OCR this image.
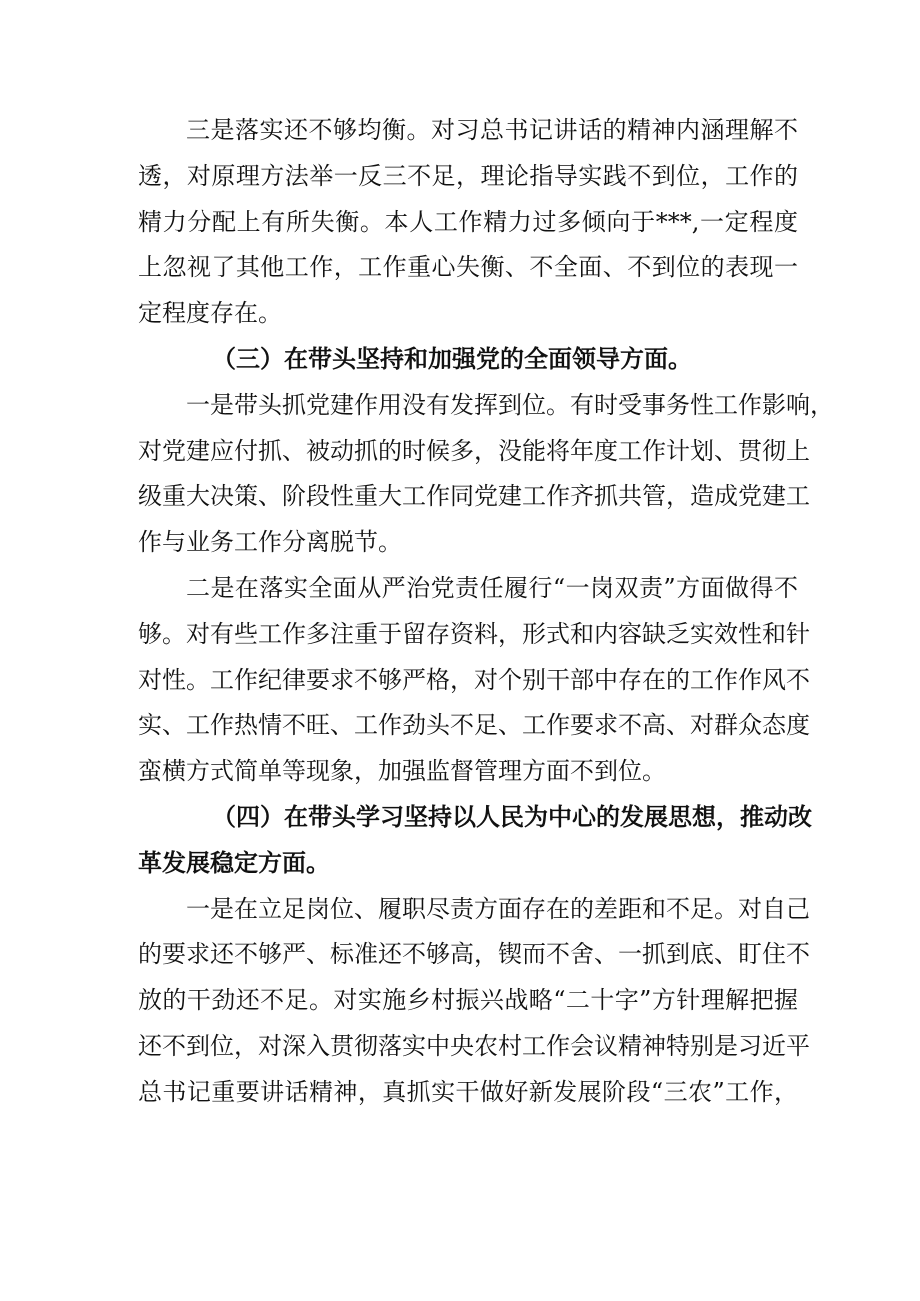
三是落实还不够均衡。对习总书记讲话的精神内涵理解不
透，对原理方法举一反三不足，理论指导实践不到位，工作的
精力分配上有所失衡。本人工作精力过多倾向于***,一定程度
上忽视了其他工作，工作重心失衡、不全面、不到位的表现一
定程度存在。
（三）在带头坚持和加强党的全面领导方面。
一是带头抓党建作用没有发挥到位。有时受事务性工作影响，
对党建应付抓、被动抓的时候多，没能将年度工作计划、贯彻上
级重大决策、阶段性重大工作同党建工作齐抓共管，造成党建工
作与业务工作分离脱节。
二是在落实全面从严治党责任履行“一岗双责”方面做得不
够。对有些工作多注重于留存资料，形式和内容缺乏实效性和针
对性。工作纪律要求不够严格，对个别干部中存在的工作作风不
实、工作热情不旺、工作劲头不足、工作要求不高、对群众态度
蛮横方式简单等现象，加强监督管理方面不到位。
（四）在带头学习坚持以人民为中心的发展思想，推动改
革发展稳定方面。
一是在立足岗位、履职尽责方面存在的差距和不足。对自己
的要求还不够严、标准还不够高，锲而不舍、一抓到底、盯住不
放的干劲还不足。对实施乡村振兴战略“二十字”方针理解把握
还不到位，对深入贯彻落实中央农村工作会议精神特别是习近平
总书记重要讲话精神，真抓实干做好新发展阶段“三农”工作，
